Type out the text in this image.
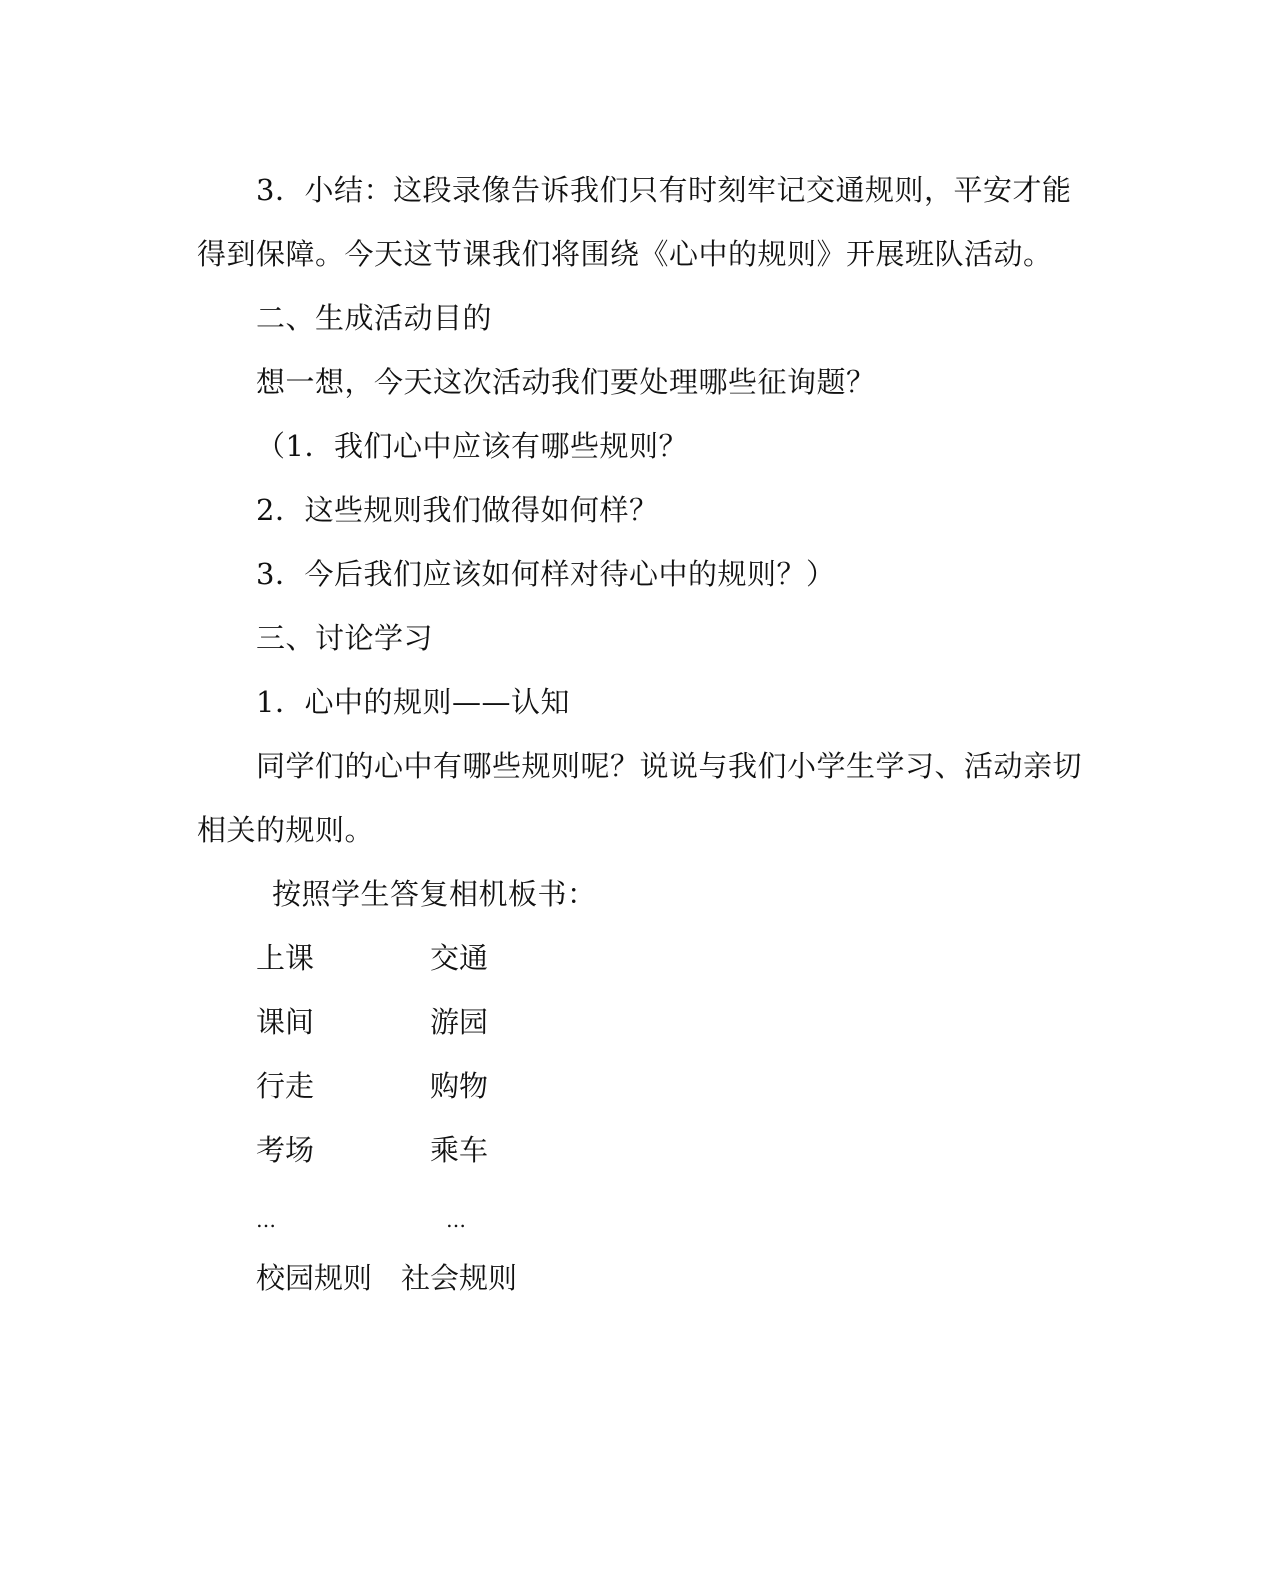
3．小结：这段录像告诉我们只有时刻牢记交通规则，平安才能
得到保障。今天这节课我们将围绕《心中的规则》开展班队活动。
二、生成活动目的
想一想，今天这次活动我们要处理哪些征询题？
（1．我们心中应该有哪些规则？
2．这些规则我们做得如何样？
3．今后我们应该如何样对待心中的规则？）
三、讨论学习
1．心中的规则——认知
同学们的心中有哪些规则呢？说说与我们小学生学习、活动亲切
相关的规则。
按照学生答复相机板书：
上课	交通
课间	游园
行走	购物
考场	乘车
…	…
校园规则 社会规则
